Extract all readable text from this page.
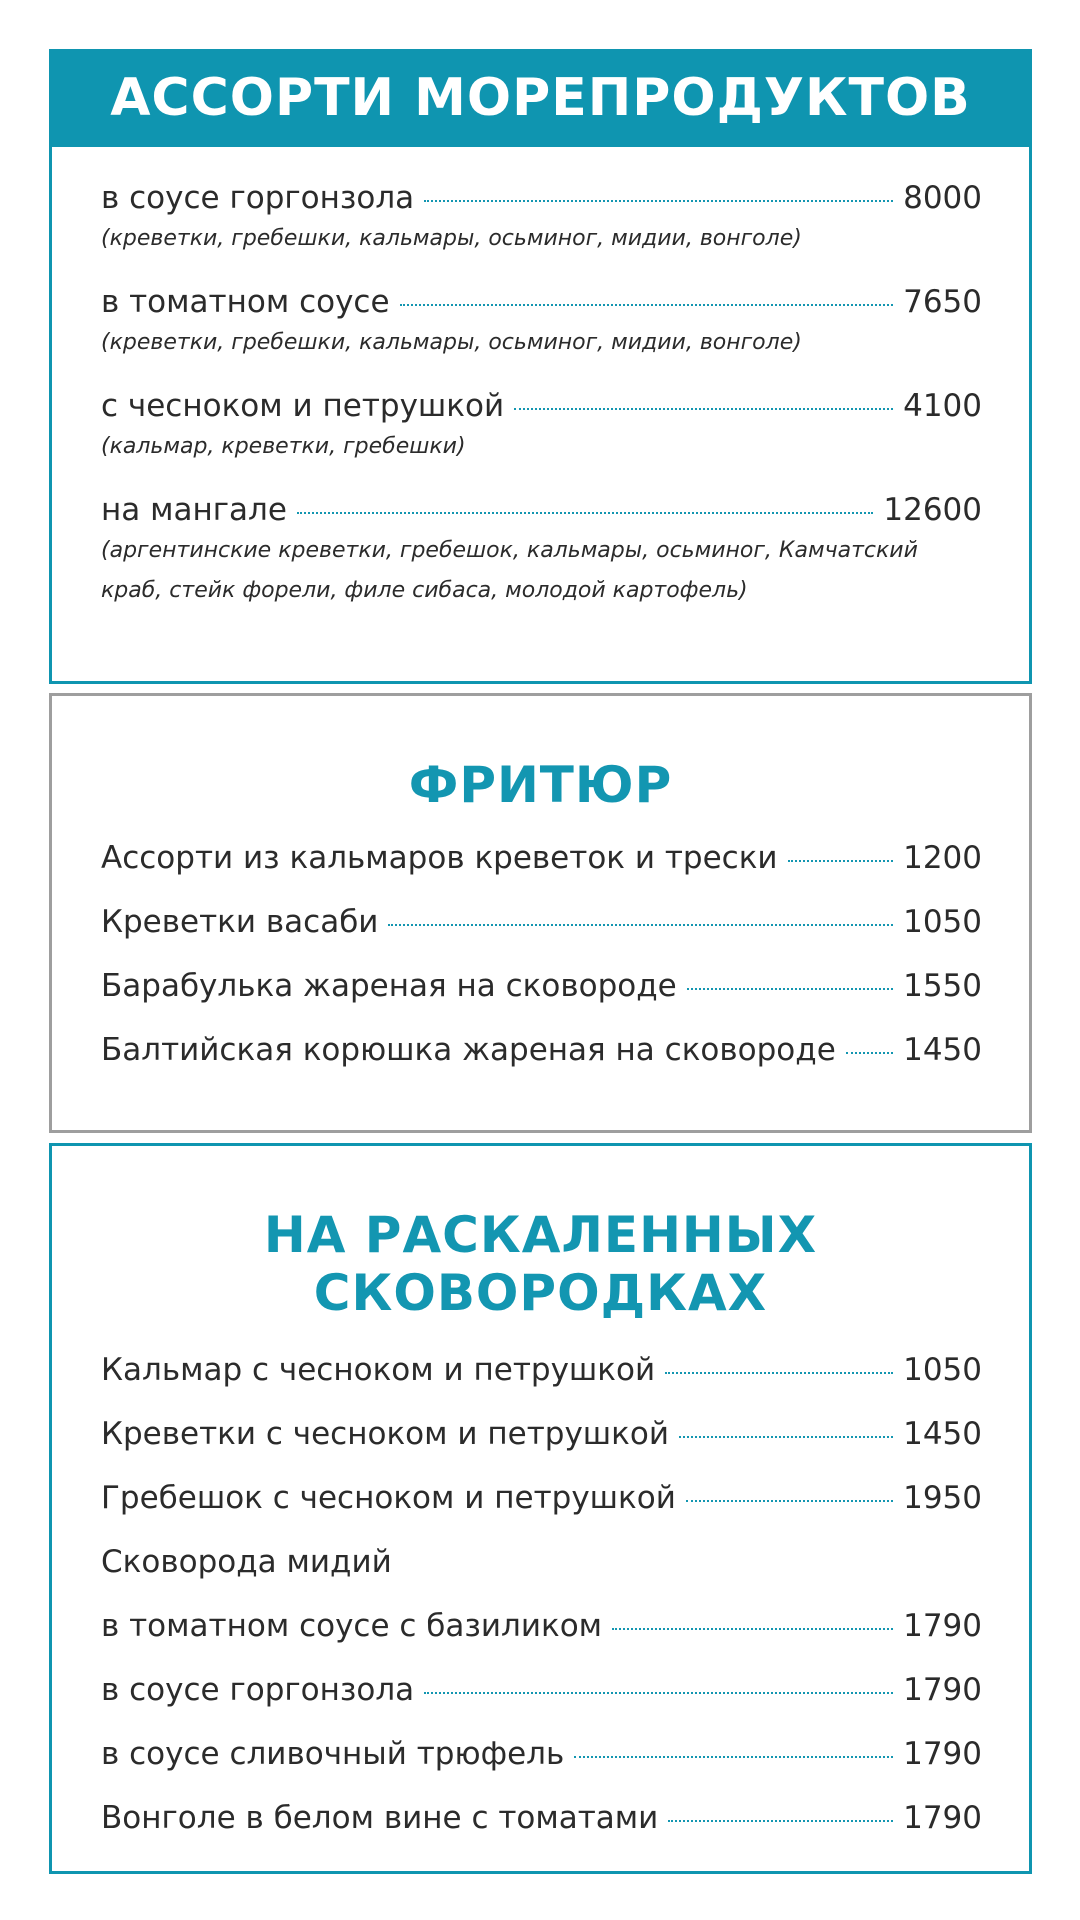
АССОРТИ МОРЕПРОДУКТОВ
в соусе горгонзола	8000
(креветки, гребешки, кальмары, осьминог, мидии, вонголе)
в томатном соусе	7650
(креветки, гребешки, кальмары, осьминог, мидии, вонголе)
с чесноком и петрушкой	4100
(кальмар, креветки, гребешки)
на мангале	12600
(аргентинские креветки, гребешок, кальмары, осьминог, Камчатский краб, стейк форели, филе сибаса, молодой картофель)
ФРИТЮР
Ассорти из кальмаров креветок и трески	1200
Креветки васаби	1050
Барабулька жареная на сковороде	1550
Балтийская корюшка жареная на сковороде 1450
НА РАСКАЛЕННЫХ
СКОВОРОДКАХ
Кальмар с чесноком и петрушкой	1050
Креветки с чесноком и петрушкой	1450
Гребешок с чесноком и петрушкой	1950
Сковорода мидий
в томатном соусе с базиликом	1790
в соусе горгонзола	1790
в соусе сливочный трюфель	1790
Вонголе в белом вине с томатами	1790
